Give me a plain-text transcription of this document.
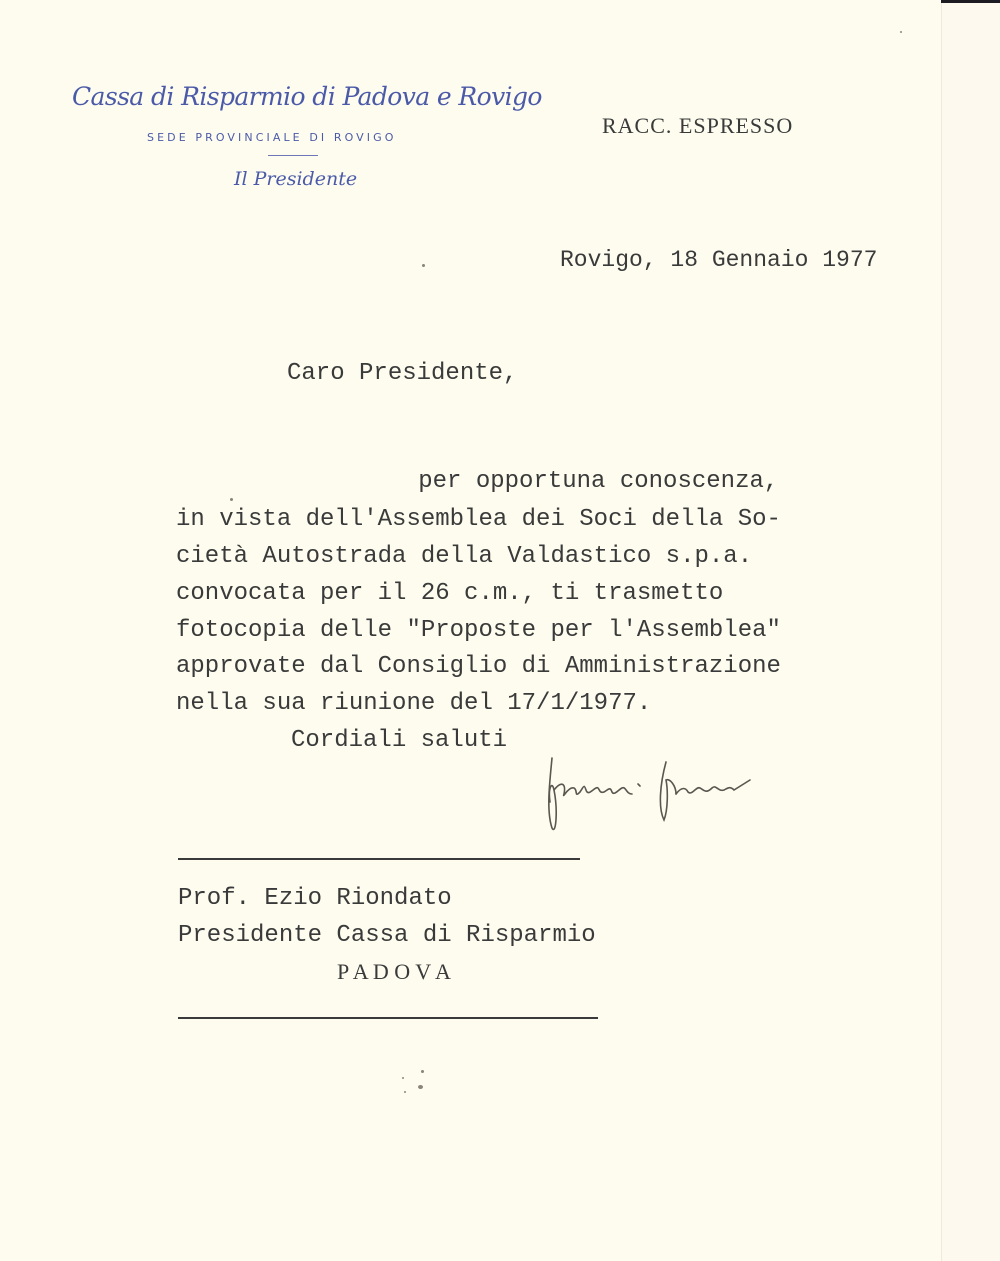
Cassa di Risparmio di Padova e Rovigo
SEDE PROVINCIALE DI ROVIGO
Il Presidente
RACC. ESPRESSO
Rovigo, 18 Gennaio 1977
Caro Presidente,
per opportuna conoscenza,
in vista dell'Assemblea dei Soci della So-
cietà Autostrada della Valdastico s.p.a.
convocata per il 26 c.m., ti trasmetto
fotocopia delle "Proposte per l'Assemblea"
approvate dal Consiglio di Amministrazione
nella sua riunione del 17/1/1977.
Cordiali saluti
Prof. Ezio Riondato
Presidente Cassa di Risparmio
P A D O V A
